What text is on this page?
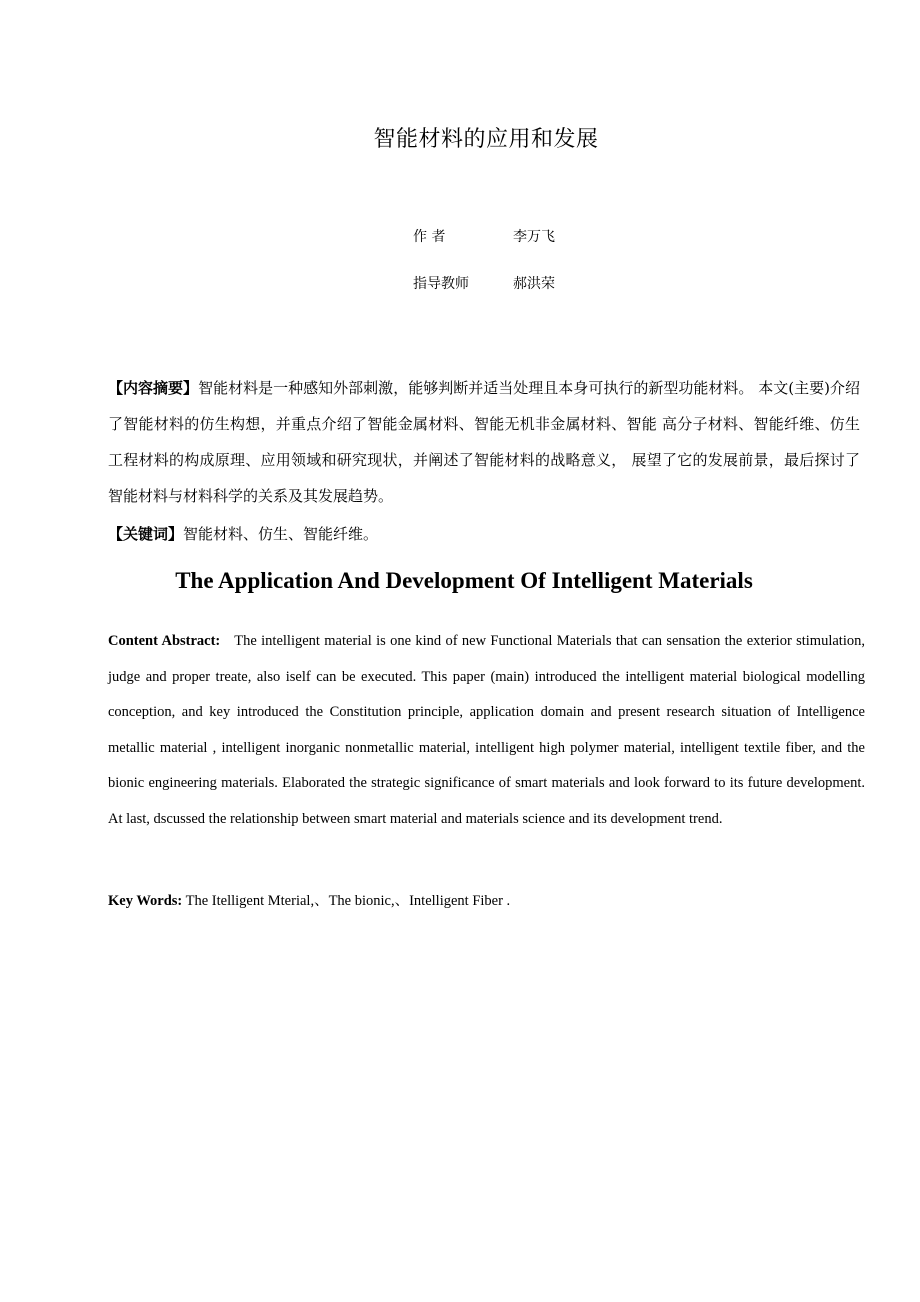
智能材料的应用和发展
作 者	李万飞
指导教师	郝洪荣
【内容摘要】智能材料是一种感知外部刺激，能够判断并适当处理且本身可执行的新型功能材料。 本文(主要)介绍了智能材料的仿生构想，并重点介绍了智能金属材料、智能无机非金属材料、智能 高分子材料、智能纤维、仿生工程材料的构成原理、应用领域和研究现状，并阐述了智能材料的战略意义， 展望了它的发展前景，最后探讨了智能材料与材料科学的关系及其发展趋势。
【关键词】智能材料、仿生、智能纤维。
The Application And Development Of Intelligent Materials
Content Abstract: The intelligent material is one kind of new Functional Materials that can sensation the exterior stimulation, judge and proper treate, also iself can be executed. This paper (main) introduced the intelligent material biological modelling conception, and key introduced the Constitution principle, application domain and present research situation of Intelligence metallic material , intelligent inorganic nonmetallic material, intelligent high polymer material, intelligent textile fiber, and the bionic engineering materials. Elaborated the strategic significance of smart materials and look forward to its future development. At last, dscussed the relationship between smart material and materials science and its development trend.
Key Words: The Itelligent Mterial,、The bionic,、Intelligent Fiber .
